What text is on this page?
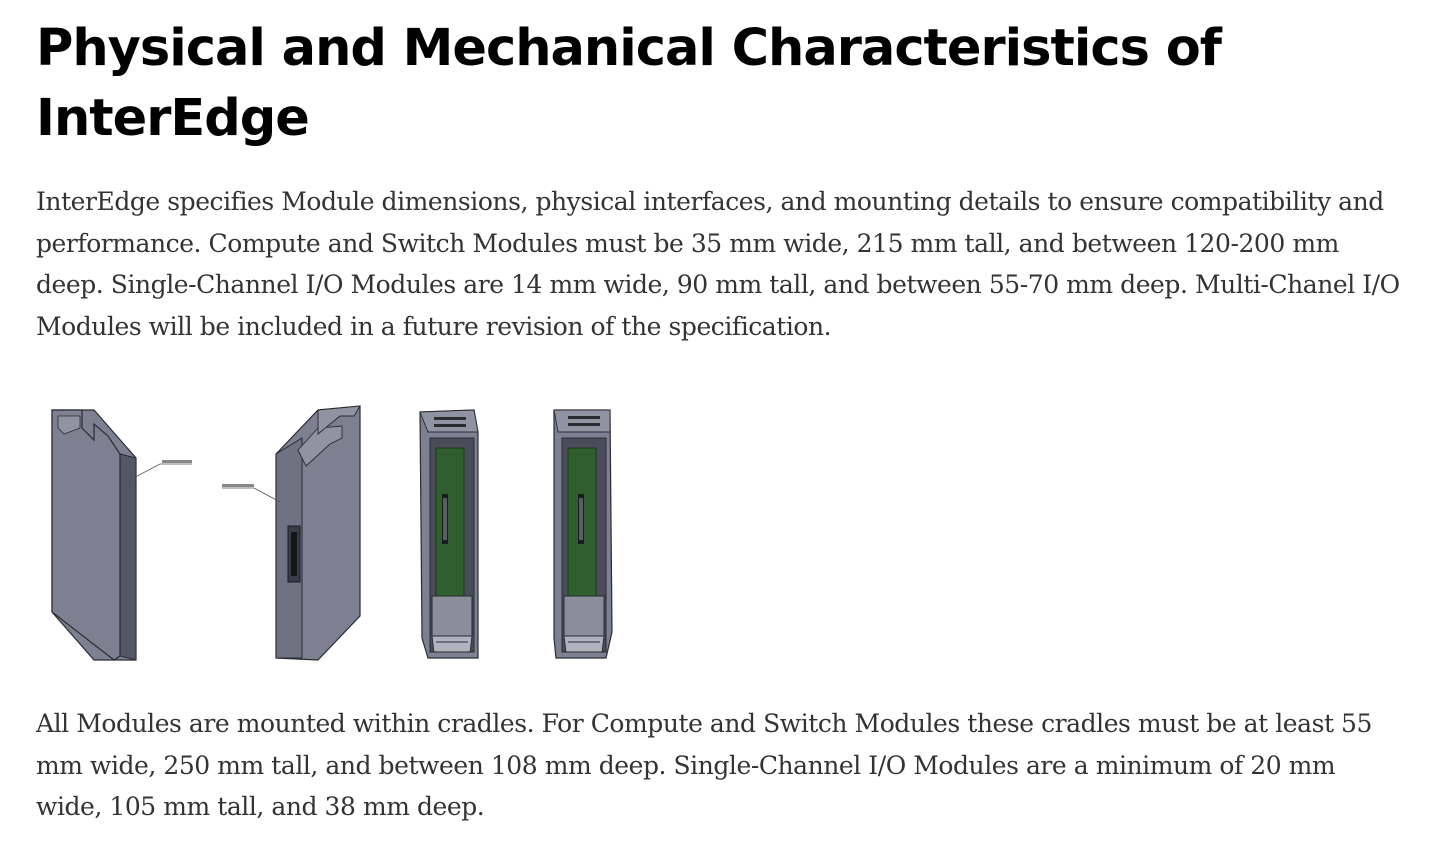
Physical and Mechanical Characteristics of InterEdge

InterEdge specifies Module dimensions, physical interfaces, and mounting details to ensure compatibility and performance. Compute and Switch Modules must be 35 mm wide, 215 mm tall, and between 120-200 mm deep. Single-Channel I/O Modules are 14 mm wide, 90 mm tall, and between 55-70 mm deep. Multi-Chanel I/O Modules will be included in a future revision of the specification.

All Modules are mounted within cradles. For Compute and Switch Modules these cradles must be at least 55 mm wide, 250 mm tall, and between 108 mm deep. Single-Channel I/O Modules are a minimum of 20 mm wide, 105 mm tall, and 38 mm deep.
